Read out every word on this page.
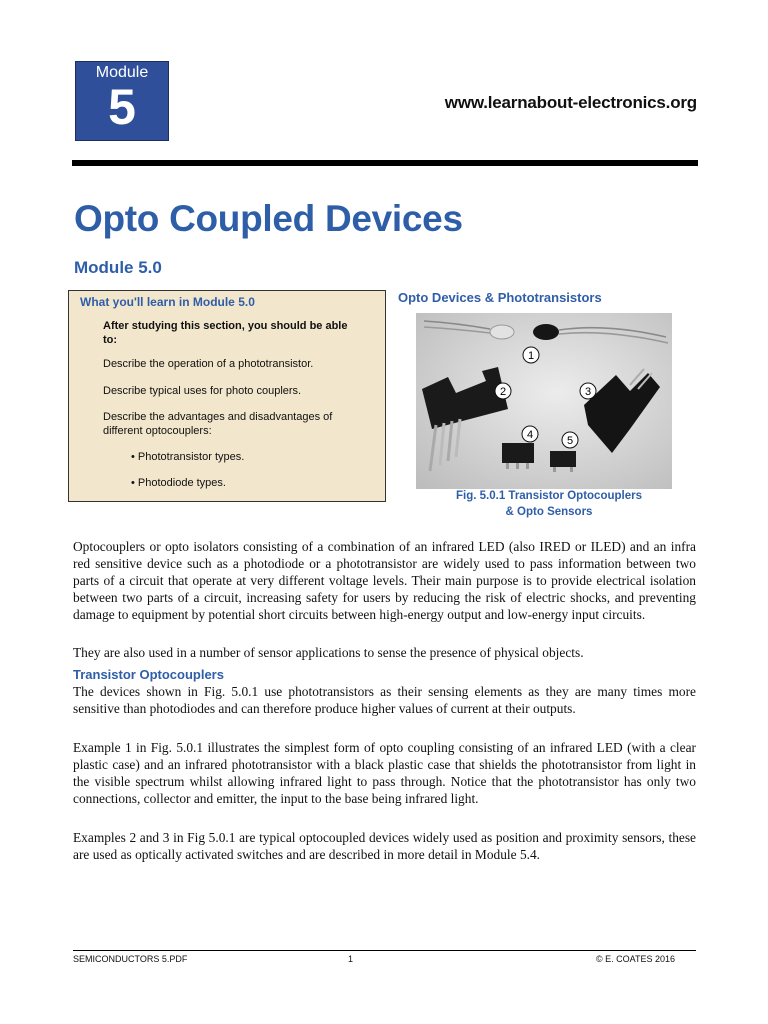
Module
5	www.learnabout-electronics.org
Opto Coupled Devices
Module 5.0
What you'll learn in Module 5.0
After studying this section, you should be able to:
Describe the operation of a phototransistor.
Describe typical uses for photo couplers.
Describe the advantages and disadvantages of different optocouplers:
• Phototransistor types.
• Photodiode types.
Opto Devices & Phototransistors
1
2	3
4	5
Fig. 5.0.1 Transistor Optocouplers
& Opto Sensors

Optocouplers or opto isolators consisting of a combination of an infrared LED (also IRED or ILED) and an infra red sensitive device such as a photodiode or a phototransistor are widely used to pass information between two parts of a circuit that operate at very different voltage levels. Their main purpose is to provide electrical isolation between two parts of a circuit, increasing safety for users by reducing the risk of electric shocks, and preventing damage to equipment by potential short circuits between high-energy output and low-energy input circuits.

They are also used in a number of sensor applications to sense the presence of physical objects.

Transistor Optocouplers

The devices shown in Fig. 5.0.1 use phototransistors as their sensing elements as they are many times more sensitive than photodiodes and can therefore produce higher values of current at their outputs.

Example 1 in Fig. 5.0.1 illustrates the simplest form of opto coupling consisting of an infrared LED (with a clear plastic case) and an infrared phototransistor with a black plastic case that shields the phototransistor from light in the visible spectrum whilst allowing infrared light to pass through. Notice that the phototransistor has only two connections, collector and emitter, the input to the base being infrared light.

Examples 2 and 3 in Fig 5.0.1 are typical optocoupled devices widely used as position and proximity sensors, these are used as optically activated switches and are described in more detail in Module 5.4.

SEMICONDUCTORS 5.PDF	1	© E. COATES 2016
